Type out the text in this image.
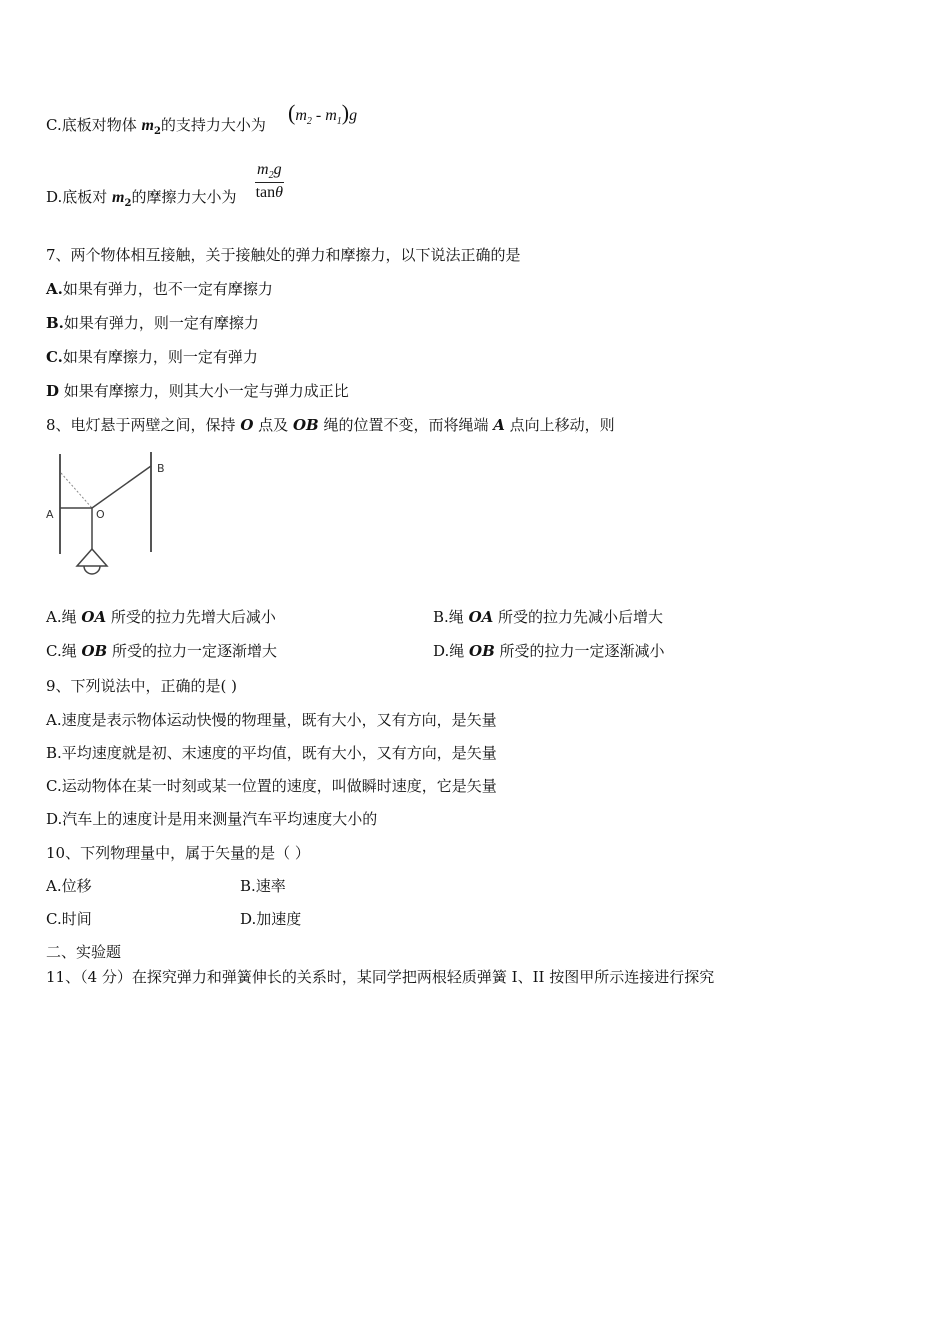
C.底板对物体 $m_2$的支持力大小为 $(m_2 - m_1)g$
D.底板对 $m_2$的摩擦力大小为 $\frac{m_2g}{\tan\theta}$
7、两个物体相互接触，关于接触处的弹力和摩擦力，以下说法正确的是
A.如果有弹力，也不一定有摩擦力
B.如果有弹力，则一定有摩擦力
C.如果有摩擦力，则一定有弹力
D 如果有摩擦力，则其大小一定与弹力成正比
8、电灯悬于两壁之间，保持 O 点及 OB 绳的位置不变，而将绳端 A 点向上移动，则
A	O
B
A.绳 OA 所受的拉力先增大后减小	B.绳 OA 所受的拉力先减小后增大
C.绳 OB 所受的拉力一定逐渐增大	D.绳 OB 所受的拉力一定逐渐减小
9、下列说法中，正确的是( )
A.速度是表示物体运动快慢的物理量，既有大小，又有方向，是矢量
B.平均速度就是初、末速度的平均值，既有大小，又有方向，是矢量
C.运动物体在某一时刻或某一位置的速度，叫做瞬时速度，它是矢量
D.汽车上的速度计是用来测量汽车平均速度大小的
10、下列物理量中，属于矢量的是（ ）
A.位移	B.速率
C.时间	D.加速度
二、实验题
11、（4 分）在探究弹力和弹簧伸长的关系时，某同学把两根轻质弹簧 I、II 按图甲所示连接进行探究
